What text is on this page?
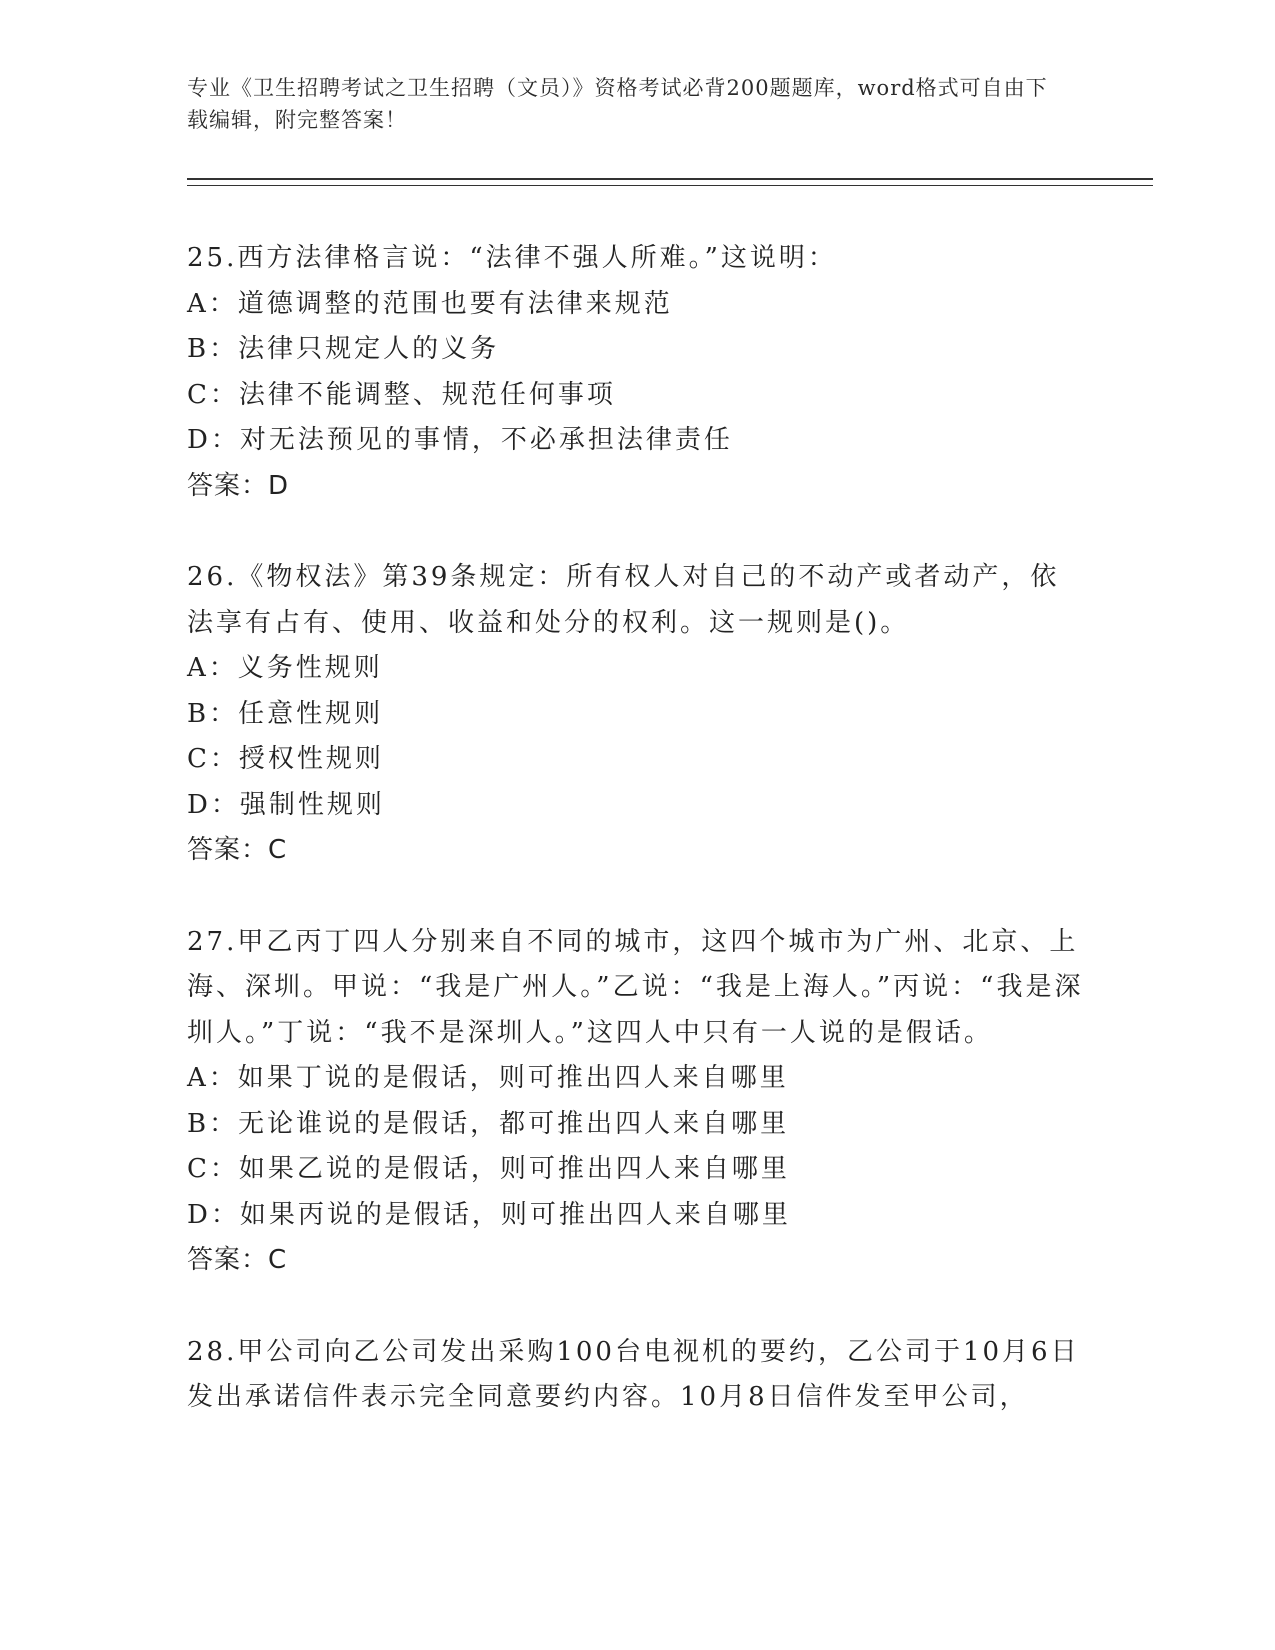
专业《卫生招聘考试之卫生招聘（文员）》资格考试必背200题题库，word格式可自由下载编辑，附完整答案！

25.西方法律格言说：“法律不强人所难。”这说明：

A：道德调整的范围也要有法律来规范

B：法律只规定人的义务

C：法律不能调整、规范任何事项

D：对无法预见的事情，不必承担法律责任

答案：D

26.《物权法》第39条规定：所有权人对自己的不动产或者动产，依法享有占有、使用、收益和处分的权利。这一规则是()。

A：义务性规则

B：任意性规则

C：授权性规则

D：强制性规则

答案：C

27.甲乙丙丁四人分别来自不同的城市，这四个城市为广州、北京、上海、深圳。甲说：“我是广州人。”乙说：“我是上海人。”丙说：“我是深圳人。”丁说：“我不是深圳人。”这四人中只有一人说的是假话。

A：如果丁说的是假话，则可推出四人来自哪里

B：无论谁说的是假话，都可推出四人来自哪里

C：如果乙说的是假话，则可推出四人来自哪里

D：如果丙说的是假话，则可推出四人来自哪里

答案：C

28.甲公司向乙公司发出采购100台电视机的要约，乙公司于10月6日发出承诺信件表示完全同意要约内容。10月8日信件发至甲公司，
